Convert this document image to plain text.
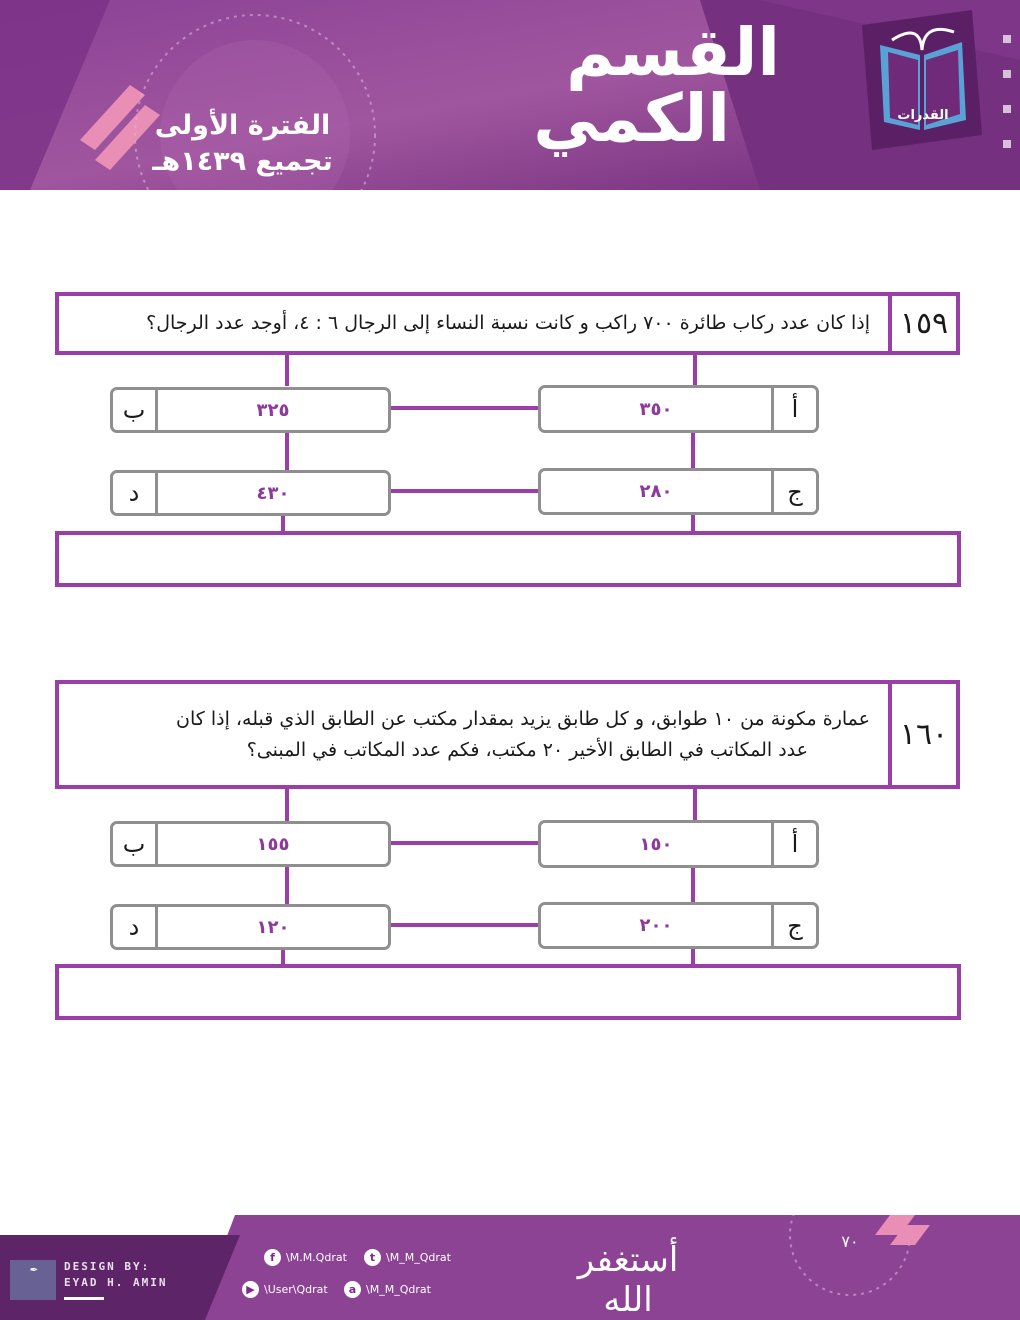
القدرات
القسم
الكمي
الفترة الأولى
تجميع ١٤٣٩هـ
١٥٩
إذا كان عدد ركاب طائرة ٧٠٠ راكب و كانت نسبة النساء إلى الرجال ٦ : ٤، أوجد عدد الرجال؟
أ
٣٥٠
ب	٣٢٥
ج
٢٨٠
د	٤٣٠
١٦٠
عمارة مكونة من ١٠ طوابق، و كل طابق يزيد بمقدار مكتب عن الطابق الذي قبله، إذا كان
عدد المكاتب في الطابق الأخير ٢٠ مكتب، فكم عدد المكاتب في المبنى؟
أ
١٥٠
ب	١٥٥
ج
٢٠٠
د	١٢٠
✒	DESIGN BY:
EYAD H. AMIN
f	\M.M.Qdrat	t \M_M_Qdrat
▶ \User\Qdrat	a \M_M_Qdrat
أستغفر الله
٧٠
